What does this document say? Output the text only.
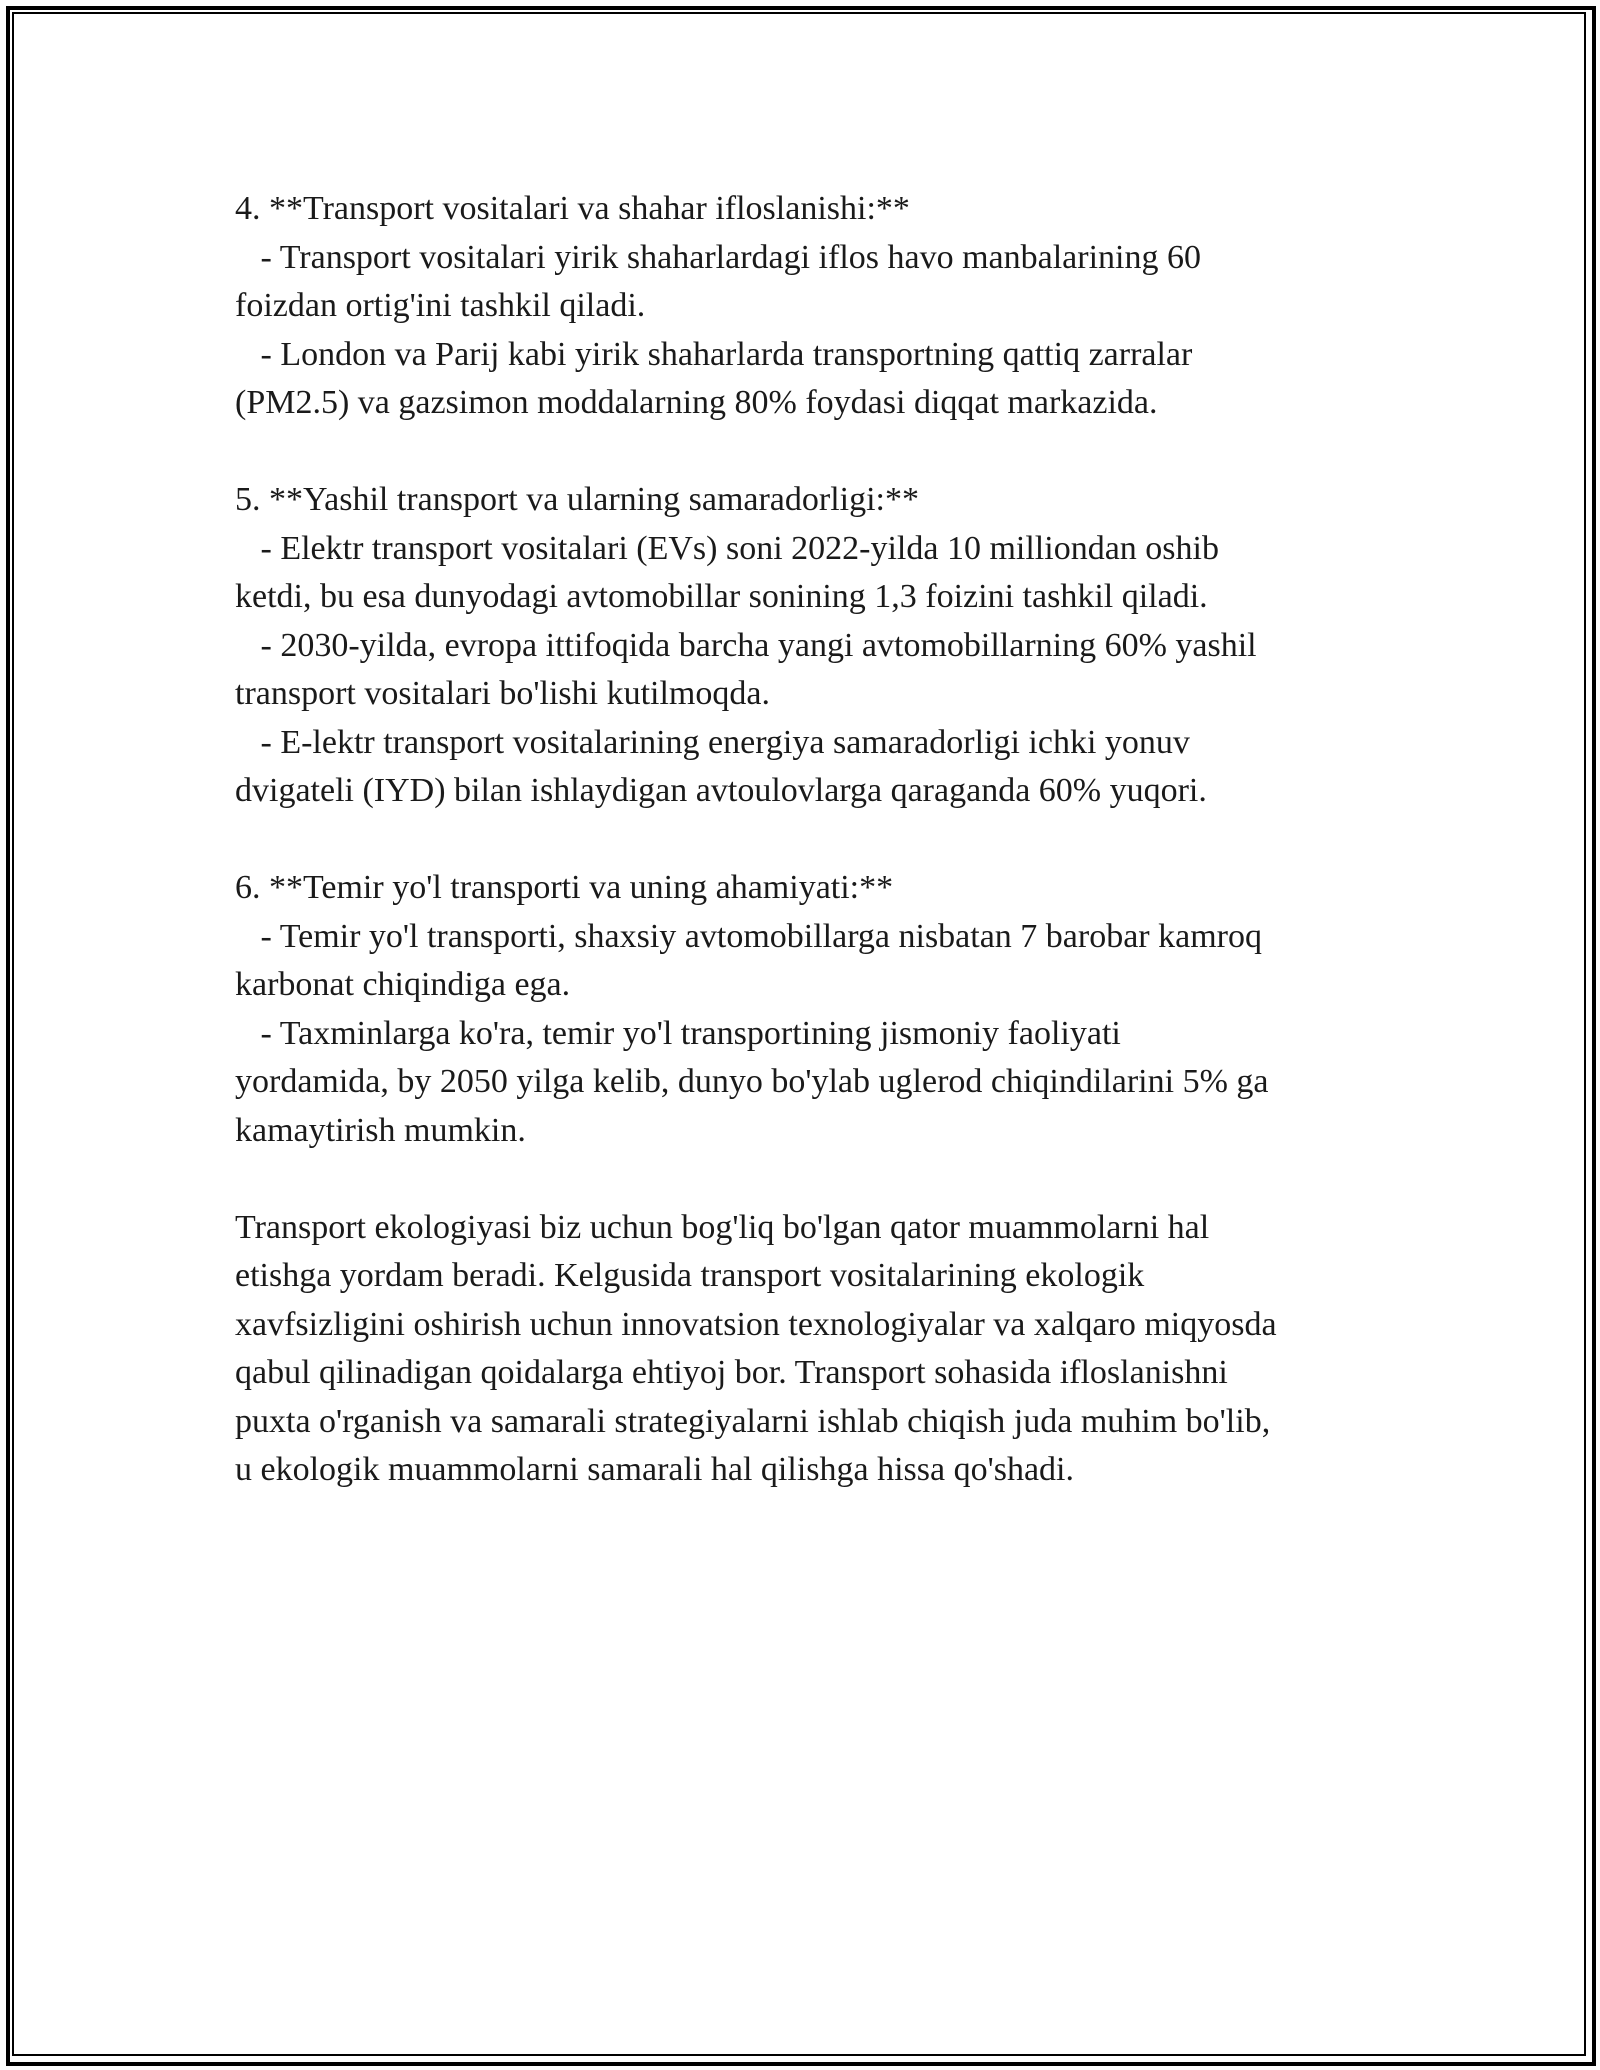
4. **Transport vositalari va shahar ifloslanishi:**
- Transport vositalari yirik shaharlardagi iflos havo manbalarining 60
foizdan ortig'ini tashkil qiladi.
- London va Parij kabi yirik shaharlarda transportning qattiq zarralar
(PM2.5) va gazsimon moddalarning 80% foydasi diqqat markazida.
5. **Yashil transport va ularning samaradorligi:**
- Elektr transport vositalari (EVs) soni 2022-yilda 10 milliondan oshib
ketdi, bu esa dunyodagi avtomobillar sonining 1,3 foizini tashkil qiladi.
- 2030-yilda, evropa ittifoqida barcha yangi avtomobillarning 60% yashil
transport vositalari bo'lishi kutilmoqda.
- E-lektr transport vositalarining energiya samaradorligi ichki yonuv
dvigateli (IYD) bilan ishlaydigan avtoulovlarga qaraganda 60% yuqori.
6. **Temir yo'l transporti va uning ahamiyati:**
- Temir yo'l transporti, shaxsiy avtomobillarga nisbatan 7 barobar kamroq
karbonat chiqindiga ega.
- Taxminlarga ko'ra, temir yo'l transportining jismoniy faoliyati
yordamida, by 2050 yilga kelib, dunyo bo'ylab uglerod chiqindilarini 5% ga
kamaytirish mumkin.
Transport ekologiyasi biz uchun bog'liq bo'lgan qator muammolarni hal
etishga yordam beradi. Kelgusida transport vositalarining ekologik
xavfsizligini oshirish uchun innovatsion texnologiyalar va xalqaro miqyosda
qabul qilinadigan qoidalarga ehtiyoj bor. Transport sohasida ifloslanishni
puxta o'rganish va samarali strategiyalarni ishlab chiqish juda muhim bo'lib,
u ekologik muammolarni samarali hal qilishga hissa qo'shadi.
